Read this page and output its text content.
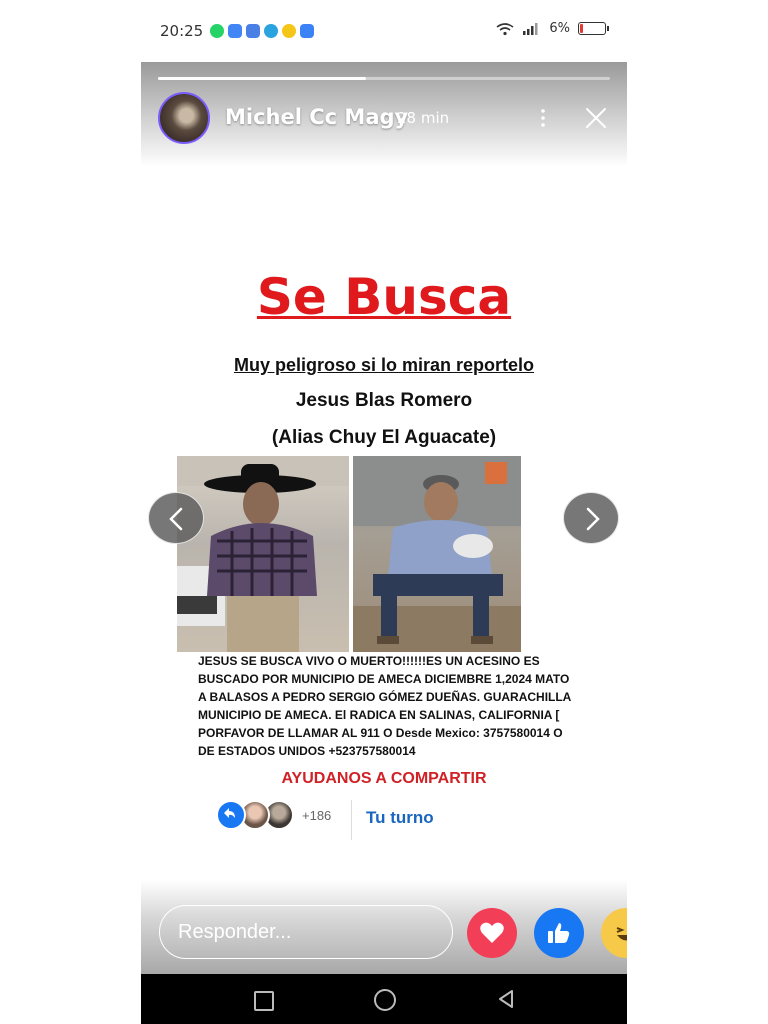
20:25	6%
Michel Cc Magy
28 min
Se Busca
Muy peligroso si lo miran reportelo
Jesus Blas Romero
(Alias Chuy El Aguacate)
JESUS SE BUSCA VIVO O MUERTO!!!!!!ES UN ACESINO ES
BUSCADO POR MUNICIPIO DE AMECA DICIEMBRE 1,2024 MATO
A BALASOS A PEDRO SERGIO GÓMEZ DUEÑAS. GUARACHILLA
MUNICIPIO DE AMECA. El RADICA EN SALINAS, CALIFORNIA [
PORFAVOR DE LLAMAR AL 911 O Desde Mexico: 3757580014 O
DE ESTADOS UNIDOS +523757580014
AYUDANOS A COMPARTIR
+186 Tu turno
Responder...
